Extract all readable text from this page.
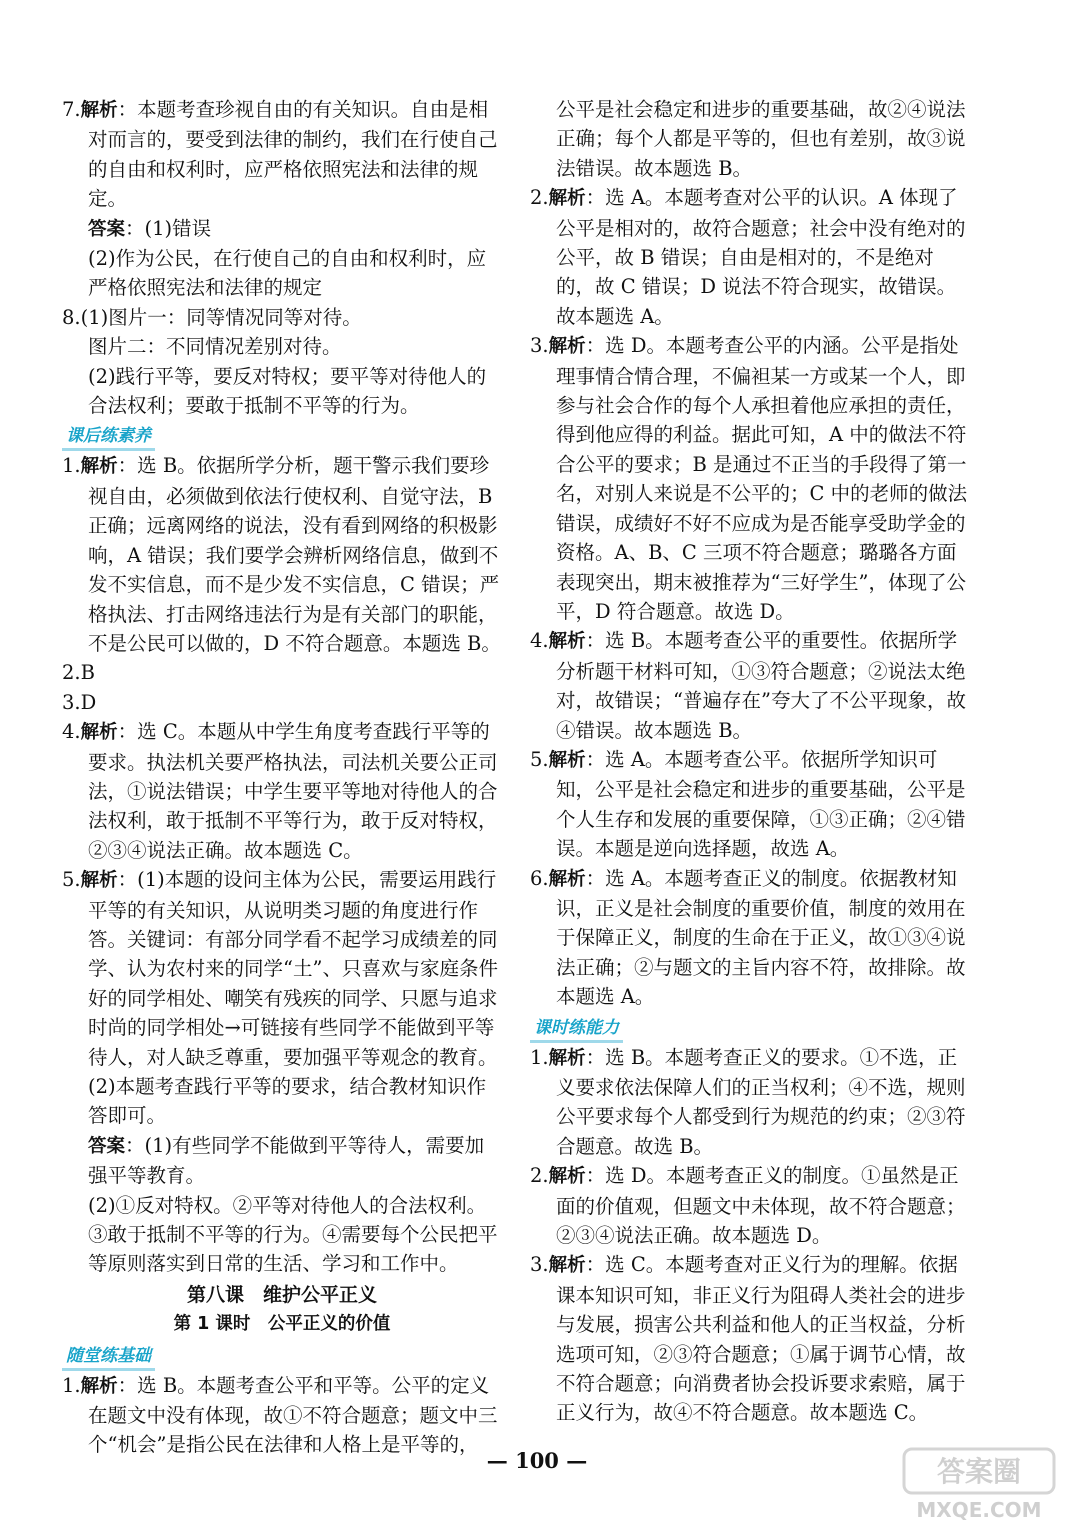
7.解析：本题考查珍视自由的有关知识。自由是相对而言的，要受到法律的制约，我们在行使自己的自由和权利时，应严格依照宪法和法律的规定。

答案：(1)错误

(2)作为公民，在行使自己的自由和权利时，应严格依照宪法和法律的规定

8.(1)图片一：同等情况同等对待。

图片二：不同情况差别对待。

(2)践行平等，要反对特权；要平等对待他人的合法权利；要敢于抵制不平等的行为。

课后练素养

1.解析：选 B。依据所学分析，题干警示我们要珍视自由，必须做到依法行使权利、自觉守法，B 正确；远离网络的说法，没有看到网络的积极影响，A 错误；我们要学会辨析网络信息，做到不发不实信息，而不是少发不实信息，C 错误；严格执法、打击网络违法行为是有关部门的职能，不是公民可以做的，D 不符合题意。本题选 B。

2.B

3.D

4.解析：选 C。本题从中学生角度考查践行平等的要求。执法机关要严格执法，司法机关要公正司法，①说法错误；中学生要平等地对待他人的合法权利，敢于抵制不平等行为，敢于反对特权，②③④说法正确。故本题选 C。

5.解析：(1)本题的设问主体为公民，需要运用践行平等的有关知识，从说明类习题的角度进行作答。关键词：有部分同学看不起学习成绩差的同学、认为农村来的同学“土”、只喜欢与家庭条件好的同学相处、嘲笑有残疾的同学、只愿与追求时尚的同学相处→可链接有些同学不能做到平等待人，对人缺乏尊重，要加强平等观念的教育。(2)本题考查践行平等的要求，结合教材知识作答即可。

答案：(1)有些同学不能做到平等待人，需要加强平等教育。

(2)①反对特权。②平等对待他人的合法权利。③敢于抵制不平等的行为。④需要每个公民把平等原则落实到日常的生活、学习和工作中。

第八课　维护公平正义

第 1 课时　公平正义的价值

随堂练基础

1.解析：选 B。本题考查公平和平等。公平的定义在题文中没有体现，故①不符合题意；题文中三个“机会”是指公民在法律和人格上是平等的，

公平是社会稳定和进步的重要基础，故②④说法正确；每个人都是平等的，但也有差别，故③说法错误。故本题选 B。

2.解析：选 A。本题考查对公平的认识。A 体现了公平是相对的，故符合题意；社会中没有绝对的公平，故 B 错误；自由是相对的，不是绝对的，故 C 错误；D 说法不符合现实，故错误。故本题选 A。

3.解析：选 D。本题考查公平的内涵。公平是指处理事情合情合理，不偏袒某一方或某一个人，即参与社会合作的每个人承担着他应承担的责任，得到他应得的利益。据此可知，A 中的做法不符合公平的要求；B 是通过不正当的手段得了第一名，对别人来说是不公平的；C 中的老师的做法错误，成绩好不好不应成为是否能享受助学金的资格。A、B、C 三项不符合题意；璐璐各方面表现突出，期末被推荐为“三好学生”，体现了公平，D 符合题意。故选 D。

4.解析：选 B。本题考查公平的重要性。依据所学分析题干材料可知，①③符合题意；②说法太绝对，故错误；“普遍存在”夸大了不公平现象，故④错误。故本题选 B。

5.解析：选 A。本题考查公平。依据所学知识可知，公平是社会稳定和进步的重要基础，公平是个人生存和发展的重要保障，①③正确；②④错误。本题是逆向选择题，故选 A。

6.解析：选 A。本题考查正义的制度。依据教材知识，正义是社会制度的重要价值，制度的效用在于保障正义，制度的生命在于正义，故①③④说法正确；②与题文的主旨内容不符，故排除。故本题选 A。

课时练能力

1.解析：选 B。本题考查正义的要求。①不选，正义要求依法保障人们的正当权利；④不选，规则公平要求每个人都受到行为规范的约束；②③符合题意。故选 B。

2.解析：选 D。本题考查正义的制度。①虽然是正面的价值观，但题文中未体现，故不符合题意；②③④说法正确。故本题选 D。

3.解析：选 C。本题考查对正义行为的理解。依据课本知识可知，非正义行为阻碍人类社会的进步与发展，损害公共利益和他人的正当权益，分析选项可知，②③符合题意；①属于调节心情，故不符合题意；向消费者协会投诉要求索赔，属于正义行为，故④不符合题意。故本题选 C。

— 100 —	答案圈
MXQE.COM
